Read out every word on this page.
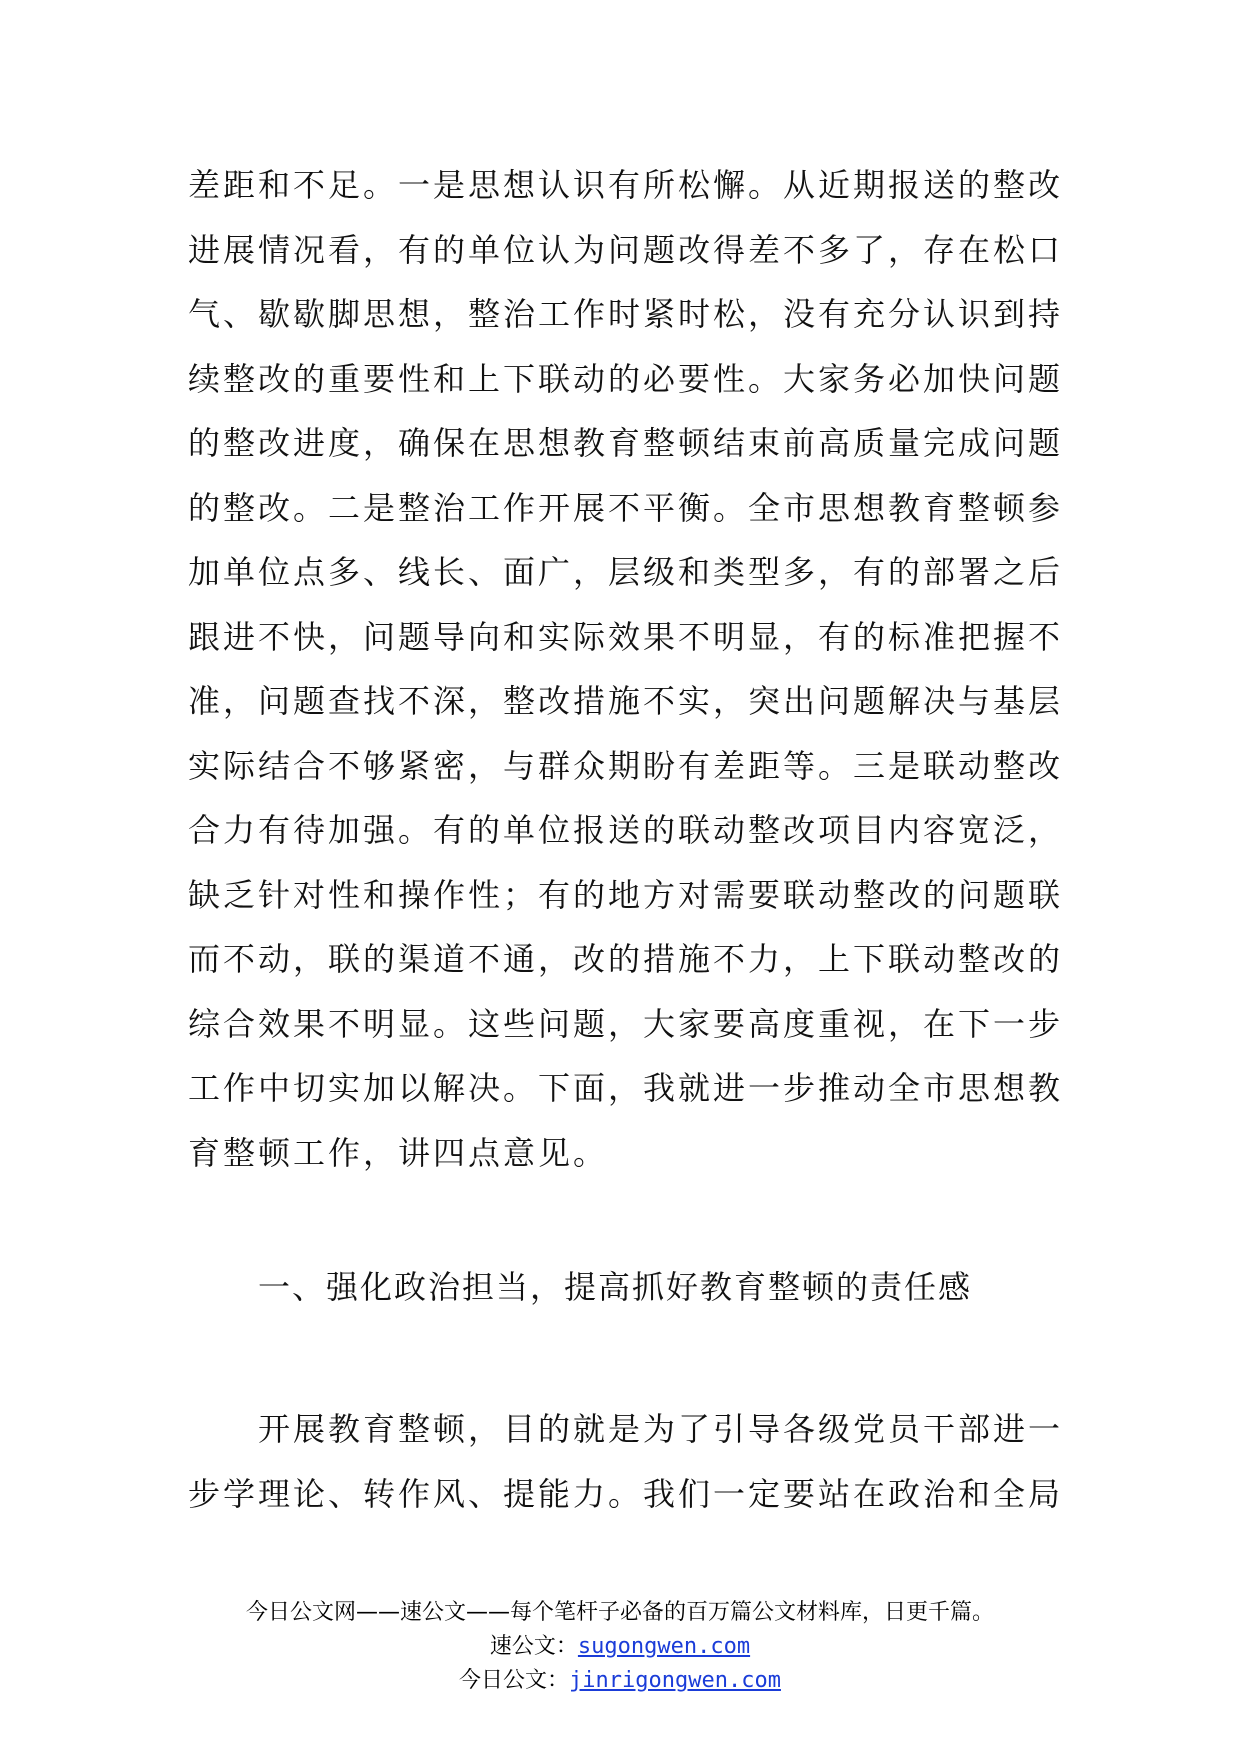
差距和不足。一是思想认识有所松懈。从近期报送的整改
进展情况看，有的单位认为问题改得差不多了，存在松口
气、歇歇脚思想，整治工作时紧时松，没有充分认识到持
续整改的重要性和上下联动的必要性。大家务必加快问题
的整改进度，确保在思想教育整顿结束前高质量完成问题
的整改。二是整治工作开展不平衡。全市思想教育整顿参
加单位点多、线长、面广，层级和类型多，有的部署之后
跟进不快，问题导向和实际效果不明显，有的标准把握不
准，问题查找不深，整改措施不实，突出问题解决与基层
实际结合不够紧密，与群众期盼有差距等。三是联动整改
合力有待加强。有的单位报送的联动整改项目内容宽泛，
缺乏针对性和操作性；有的地方对需要联动整改的问题联
而不动，联的渠道不通，改的措施不力，上下联动整改的
综合效果不明显。这些问题，大家要高度重视，在下一步
工作中切实加以解决。下面，我就进一步推动全市思想教
育整顿工作，讲四点意见。
一、强化政治担当，提高抓好教育整顿的责任感
开展教育整顿，目的就是为了引导各级党员干部进一
步学理论、转作风、提能力。我们一定要站在政治和全局
今日公文网——速公文——每个笔杆子必备的百万篇公文材料库，日更千篇。
速公文：sugongwen.com
今日公文：jinrigongwen.com
